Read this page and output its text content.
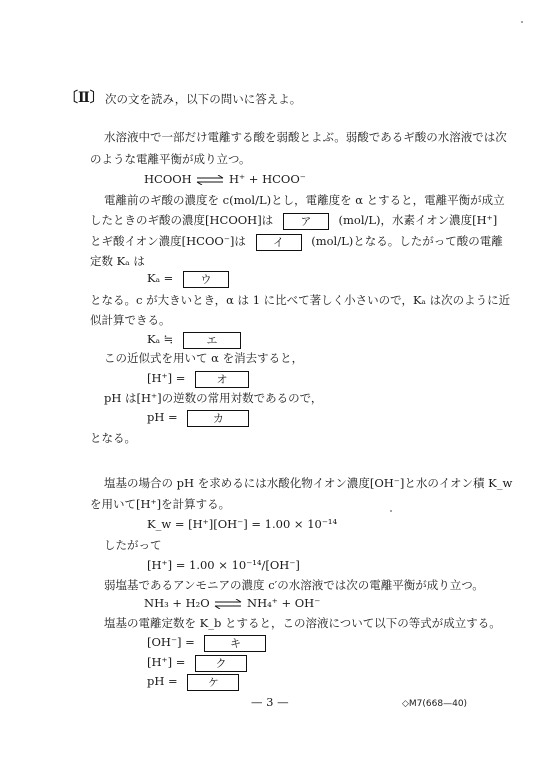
〔Ⅱ〕 次の文を読み，以下の問いに答えよ。
水溶液中で一部だけ電離する酸を弱酸とよぶ。弱酸であるギ酸の水溶液では次
のような電離平衡が成り立つ。
HCOOH ⇌ H⁺ + HCOO⁻
電離前のギ酸の濃度を c(mol/L)とし，電離度を α とすると，電離平衡が成立
したときのギ酸の濃度[HCOOH]は ア (mol/L)，水素イオン濃度[H⁺]
とギ酸イオン濃度[HCOO⁻]は イ (mol/L)となる。したがって酸の電離
定数 Kₐ は
Kₐ = ウ
となる。c が大きいとき，α は 1 に比べて著しく小さいので，Kₐ は次のように近
似計算できる。
Kₐ ≒	エ
この近似式を用いて α を消去すると，
[H⁺] =	オ
pH は[H⁺]の逆数の常用対数であるので，
pH =	カ
となる。
塩基の場合の pH を求めるには水酸化物イオン濃度[OH⁻]と水のイオン積 K_w
を用いて[H⁺]を計算する。
K_w = [H⁺][OH⁻] = 1.00 × 10⁻¹⁴
したがって
[H⁺] = 1.00 × 10⁻¹⁴/[OH⁻]
弱塩基であるアンモニアの濃度 c′の水溶液では次の電離平衡が成り立つ。
NH₃ + H₂O ⇌ NH₄⁺ + OH⁻
塩基の電離定数を K_b とすると，この溶液について以下の等式が成立する。
[OH⁻] =	キ
[H⁺] =	ク
pH =	ケ
— 3 —	◇M7(668—40)
